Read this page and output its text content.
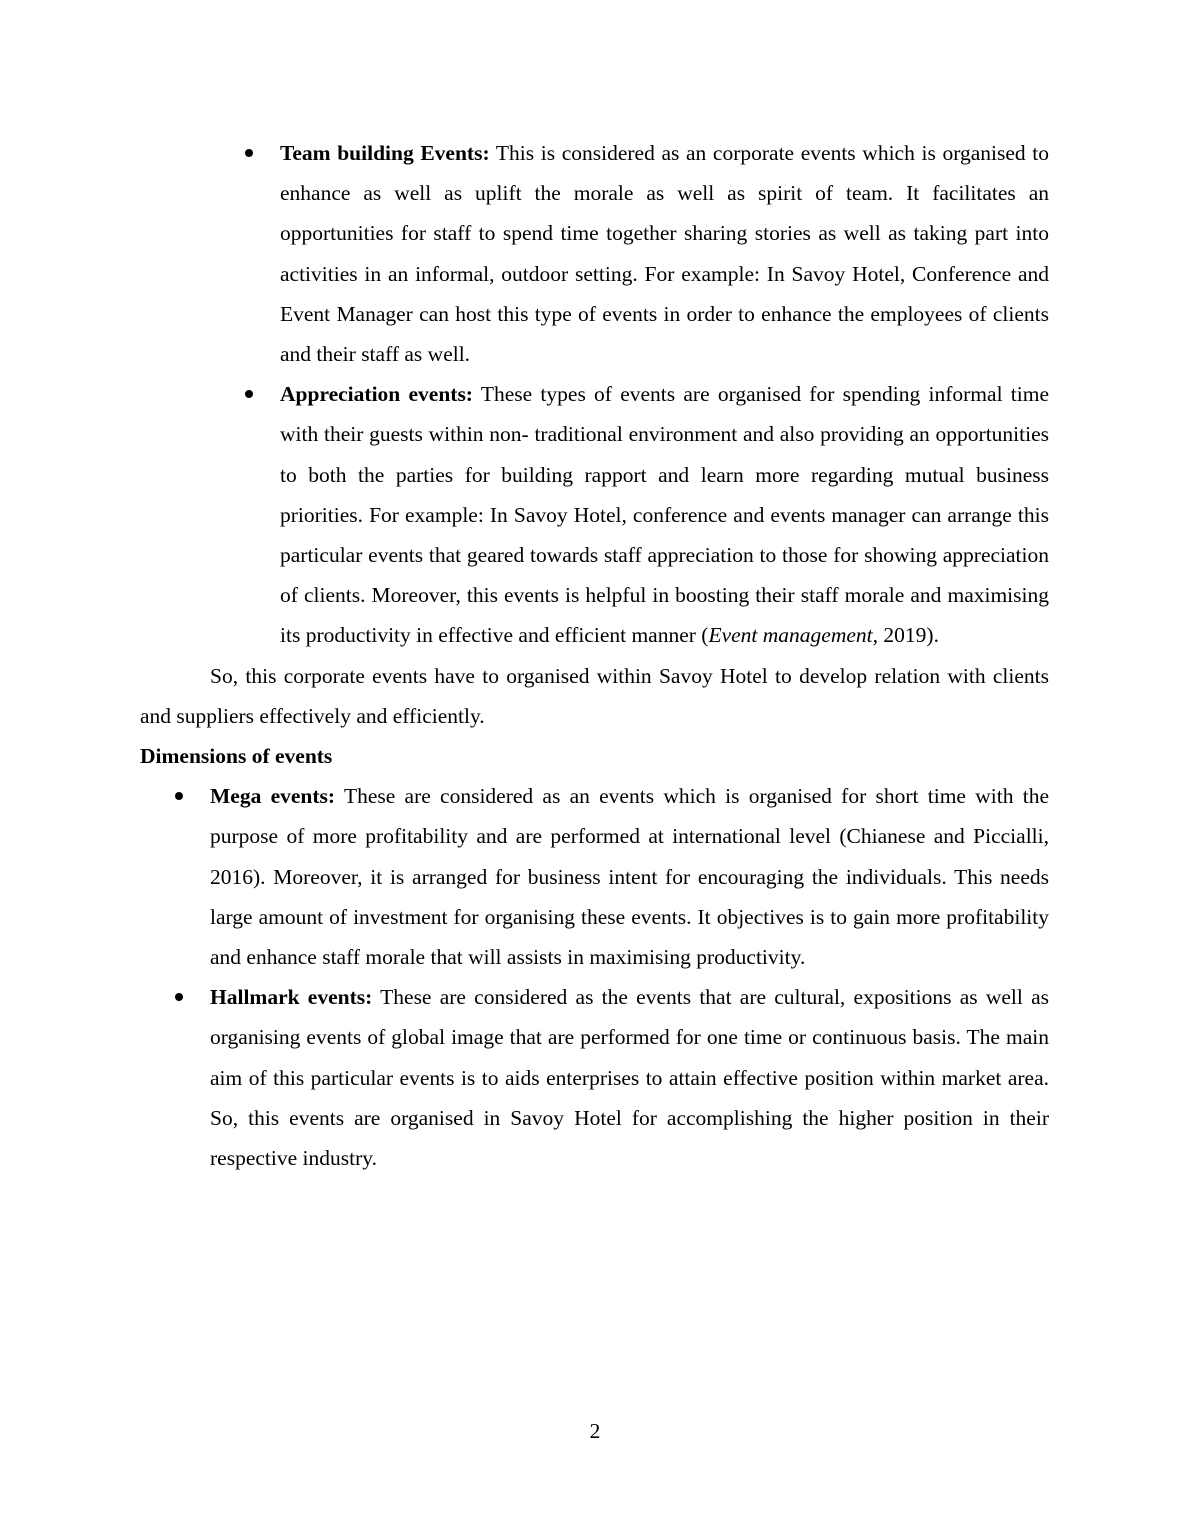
Team building Events: This is considered as an corporate events which is organised to enhance as well as uplift the morale as well as spirit of team. It facilitates an opportunities for staff to spend time together sharing stories as well as taking part into activities in an informal, outdoor setting. For example: In Savoy Hotel, Conference and Event Manager can host this type of events in order to enhance the employees of clients and their staff as well.
Appreciation events: These types of events are organised for spending informal time with their guests within non- traditional environment and also providing an opportunities to both the parties for building rapport and learn more regarding mutual business priorities. For example: In Savoy Hotel, conference and events manager can arrange this particular events that geared towards staff appreciation to those for showing appreciation of clients. Moreover, this events is helpful in boosting their staff morale and maximising its productivity in effective and efficient manner (Event management, 2019).

So, this corporate events have to organised within Savoy Hotel to develop relation with clients and suppliers effectively and efficiently.

Dimensions of events

Mega events: These are considered as an events which is organised for short time with the purpose of more profitability and are performed at international level (Chianese and Piccialli, 2016). Moreover, it is arranged for business intent for encouraging the individuals. This needs large amount of investment for organising these events. It objectives is to gain more profitability and enhance staff morale that will assists in maximising productivity.
Hallmark events: These are considered as the events that are cultural, expositions as well as organising events of global image that are performed for one time or continuous basis. The main aim of this particular events is to aids enterprises to attain effective position within market area. So, this events are organised in Savoy Hotel for accomplishing the higher position in their respective industry.
2
